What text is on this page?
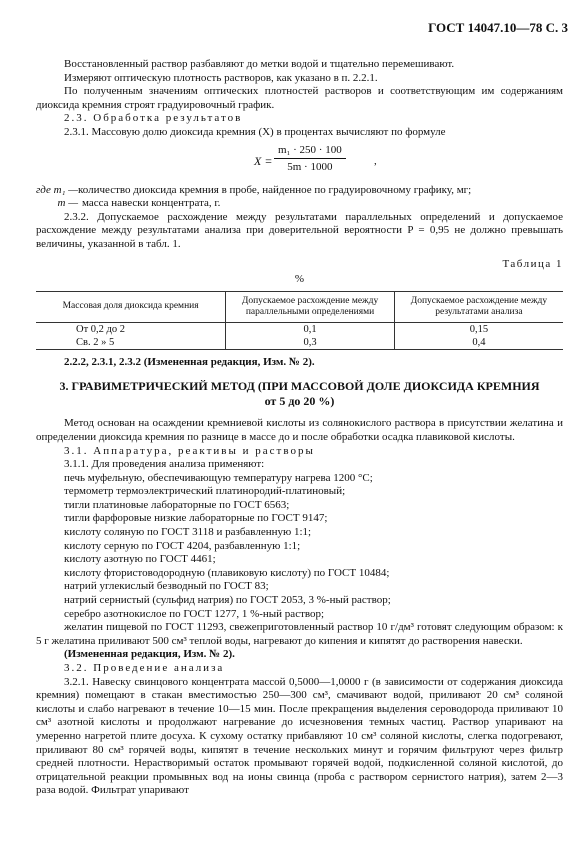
ГОСТ 14047.10—78 С. 3

Восстановленный раствор разбавляют до метки водой и тщательно перемешивают.

Измеряют оптическую плотность растворов, как указано в п. 2.2.1.

По полученным значениям оптических плотностей растворов и соответствующим им содержаниям диоксида кремния строят градуировочный график.

2.3. Обработка результатов

2.3.1. Массовую долю диоксида кремния (X) в процентах вычисляют по формуле

$X = \frac{\text{m₁ · 250 · 100}}{5m \cdot 1000}$	,
где m₁ — количество диоксида кремния в пробе, найденное по градуировочному графику, мг;
m — масса навески концентрата, г.

2.3.2. Допускаемое расхождение между результатами параллельных определений и допускаемое расхождение между результатами анализа при доверительной вероятности P = 0,95 не должно превышать величины, указанной в табл. 1.

Таблица 1

%

Массовая доля диоксида кремния	Допускаемое расхождение между параллельными определениями	Допускаемое расхождение между результатами анализа
От 0,2 до 2	0,1	0,15
Св. 2 » 5	0,3	0,4

2.2.2, 2.3.1, 2.3.2 (Измененная редакция, Изм. № 2).

3. ГРАВИМЕТРИЧЕСКИЙ МЕТОД (ПРИ МАССОВОЙ ДОЛЕ ДИОКСИДА КРЕМНИЯ
от 5 до 20 %)

Метод основан на осаждении кремниевой кислоты из солянокислого раствора в присутствии желатина и определении диоксида кремния по разнице в массе до и после обработки осадка плавиковой кислоты.

3.1. Аппаратура, реактивы и растворы

3.1.1. Для проведения анализа применяют:

печь муфельную, обеспечивающую температуру нагрева 1200 °С;

термометр термоэлектрический платинородий-платиновый;

тигли платиновые лабораторные по ГОСТ 6563;

тигли фарфоровые низкие лабораторные по ГОСТ 9147;

кислоту соляную по ГОСТ 3118 и разбавленную 1:1;

кислоту серную по ГОСТ 4204, разбавленную 1:1;

кислоту азотную по ГОСТ 4461;

кислоту фтористоводородную (плавиковую кислоту) по ГОСТ 10484;

натрий углекислый безводный по ГОСТ 83;

натрий сернистый (сульфид натрия) по ГОСТ 2053, 3 %-ный раствор;

серебро азотнокислое по ГОСТ 1277, 1 %-ный раствор;

желатин пищевой по ГОСТ 11293, свежеприготовленный раствор 10 г/дм³ готовят следующим образом: к 5 г желатина приливают 500 см³ теплой воды, нагревают до кипения и кипятят до растворения навески.

(Измененная редакция, Изм. № 2).

3.2. Проведение анализа

3.2.1. Навеску свинцового концентрата массой 0,5000—1,0000 г (в зависимости от содержания диоксида кремния) помещают в стакан вместимостью 250—300 см³, смачивают водой, приливают 20 см³ соляной кислоты и слабо нагревают в течение 10—15 мин. После прекращения выделения сероводорода приливают 10 см³ азотной кислоты и продолжают нагревание до исчезновения темных частиц. Раствор упаривают на умеренно нагретой плите досуха. К сухому остатку прибавляют 10 см³ соляной кислоты, слегка подогревают, приливают 80 см³ горячей воды, кипятят в течение нескольких минут и горячим фильтруют через фильтр средней плотности. Нерастворимый остаток промывают горячей водой, подкисленной соляной кислотой, до отрицательной реакции промывных вод на ионы свинца (проба с раствором сернистого натрия), затем 2—3 раза водой. Фильтрат упаривают
